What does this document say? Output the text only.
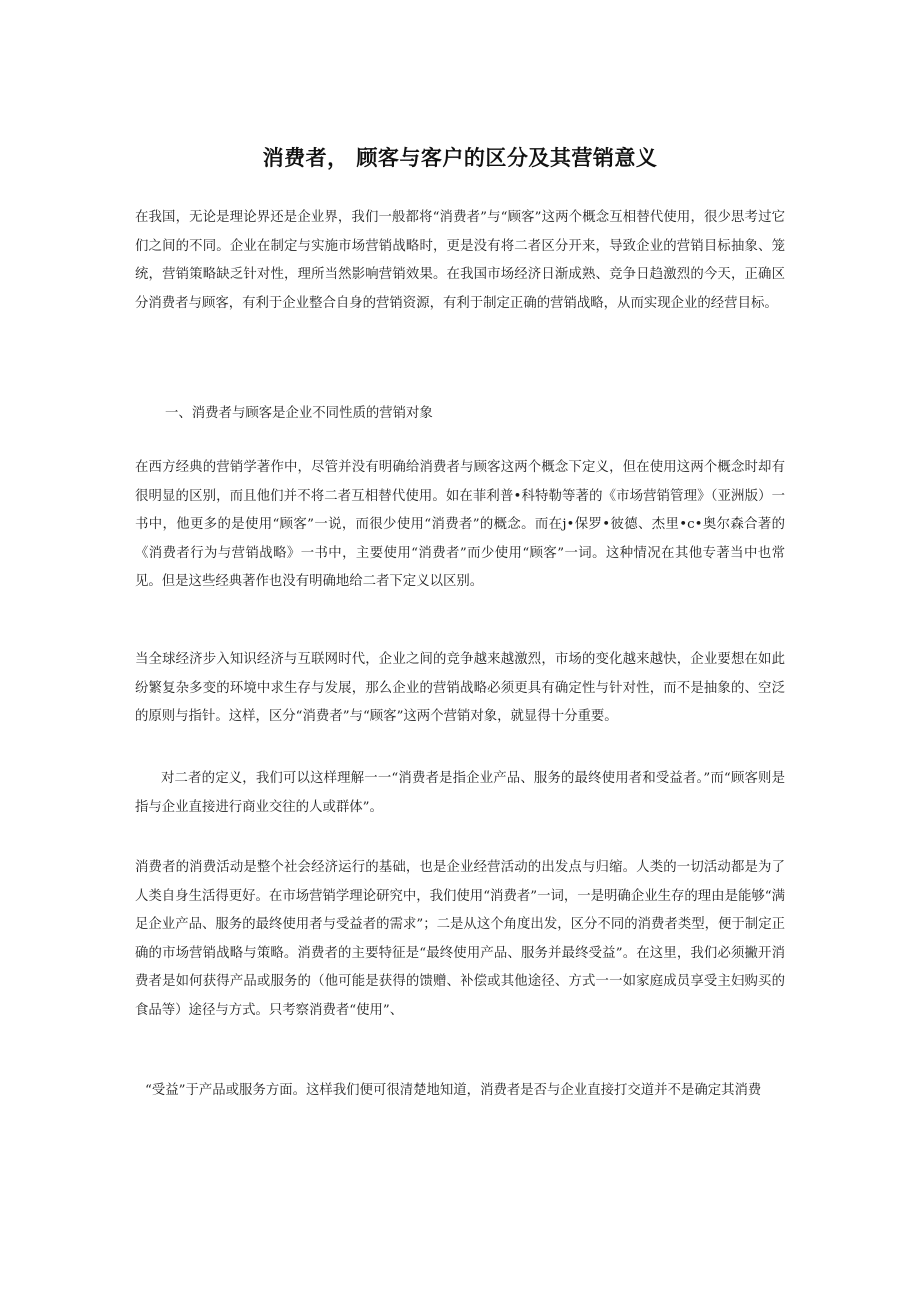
消费者， 顾客与客户的区分及其营销意义

在我国，无论是理论界还是企业界，我们一般都将“消费者”与“顾客”这两个概念互相替代使用，很少思考过它们之间的不同。企业在制定与实施市场营销战略时，更是没有将二者区分开来，导致企业的营销目标抽象、笼统，营销策略缺乏针对性，理所当然影响营销效果。在我国市场经济日渐成熟、竞争日趋激烈的今天，正确区分消费者与顾客，有利于企业整合自身的营销资源，有利于制定正确的营销战略，从而实现企业的经营目标。

一、消费者与顾客是企业不同性质的营销对象

在西方经典的营销学著作中，尽管并没有明确给消费者与顾客这两个概念下定义，但在使用这两个概念时却有很明显的区别，而且他们并不将二者互相替代使用。如在菲利普•科特勒等著的《市场营销管理》（亚洲版）一书中，他更多的是使用“顾客”一说，而很少使用“消费者”的概念。而在j•保罗•彼德、杰里•c•奥尔森合著的《消费者行为与营销战略》一书中，主要使用“消费者”而少使用“顾客”一词。这种情况在其他专著当中也常见。但是这些经典著作也没有明确地给二者下定义以区别。

当全球经济步入知识经济与互联网时代，企业之间的竞争越来越激烈，市场的变化越来越快，企业要想在如此纷繁复杂多变的环境中求生存与发展，那么企业的营销战略必须更具有确定性与针对性，而不是抽象的、空泛的原则与指针。这样，区分“消费者”与“顾客”这两个营销对象，就显得十分重要。

对二者的定义，我们可以这样理解一一“消费者是指企业产品、服务的最终使用者和受益者。”而“顾客则是指与企业直接进行商业交往的人或群体”。

消费者的消费活动是整个社会经济运行的基础，也是企业经营活动的出发点与归缩。人类的一切活动都是为了人类自身生活得更好。在市场营销学理论研究中，我们使用“消费者”一词，一是明确企业生存的理由是能够“满足企业产品、服务的最终使用者与受益者的需求”；二是从这个角度出发，区分不同的消费者类型，便于制定正确的市场营销战略与策略。消费者的主要特征是“最终使用产品、服务并最终受益”。在这里，我们必须撇开消费者是如何获得产品或服务的（他可能是获得的馈赠、补偿或其他途径、方式一一如家庭成员享受主妇购买的食品等）途径与方式。只考察消费者“使用”、

“受益”于产品或服务方面。这样我们便可很清楚地知道，消费者是否与企业直接打交道并不是确定其消费
